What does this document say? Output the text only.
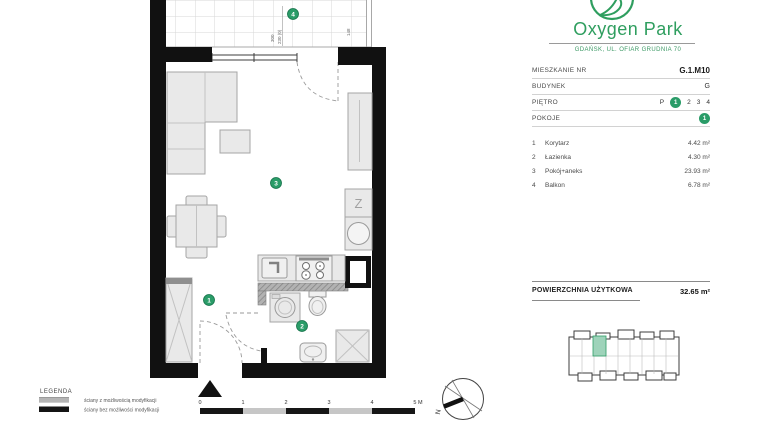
300 230 (0)	148
Z
1
2
3
4
LEGENDA
ściany z możliwością modyfikacji
ściany bez możliwości modyfikacji
0	1	2	3	4	5 M
N
Oxygen Park
GDAŃSK, UL. OFIAR GRUDNIA 70
MIESZKANIE NR	G.1.M10
BUDYNEK	G
PIĘTRO	P	1	2 3 4
POKOJE	1
1	Korytarz	4.42 m²
2	Łazienka	4.30 m²
3	Pokój+aneks	23.93 m²
4	Balkon	6.78 m²
POWIERZCHNIA UŻYTKOWA	32.65 m²
